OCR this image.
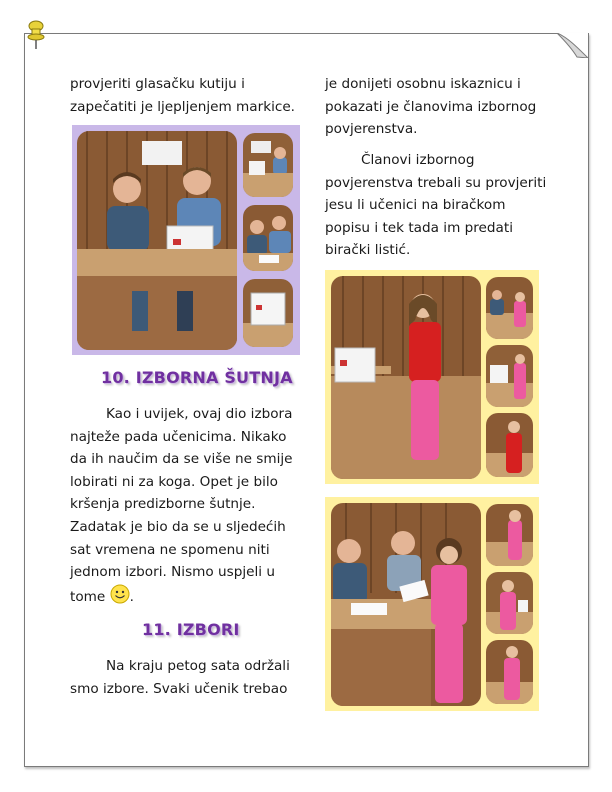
provjeriti glasačku kutiju i

zapečatiti je ljepljenjem markice.

10. IZBORNA ŠUTNJA

Kao i uvijek, ovaj dio izbora

najteže pada učenicima. Nikako

da ih naučim da se više ne smije

lobirati ni za koga. Opet je bilo

kršenja predizborne šutnje.

Zadatak je bio da se u sljedećih

sat vremena ne spomenu niti

jednom izbori. Nismo uspjeli u

tome .

11. IZBORI

Na kraju petog sata održali

smo izbore. Svaki učenik trebao

je donijeti osobnu iskaznicu i

pokazati je članovima izbornog

povjerenstva.

Članovi izbornog

povjerenstva trebali su provjeriti

jesu li učenici na biračkom

popisu i tek tada im predati

birački listić.
